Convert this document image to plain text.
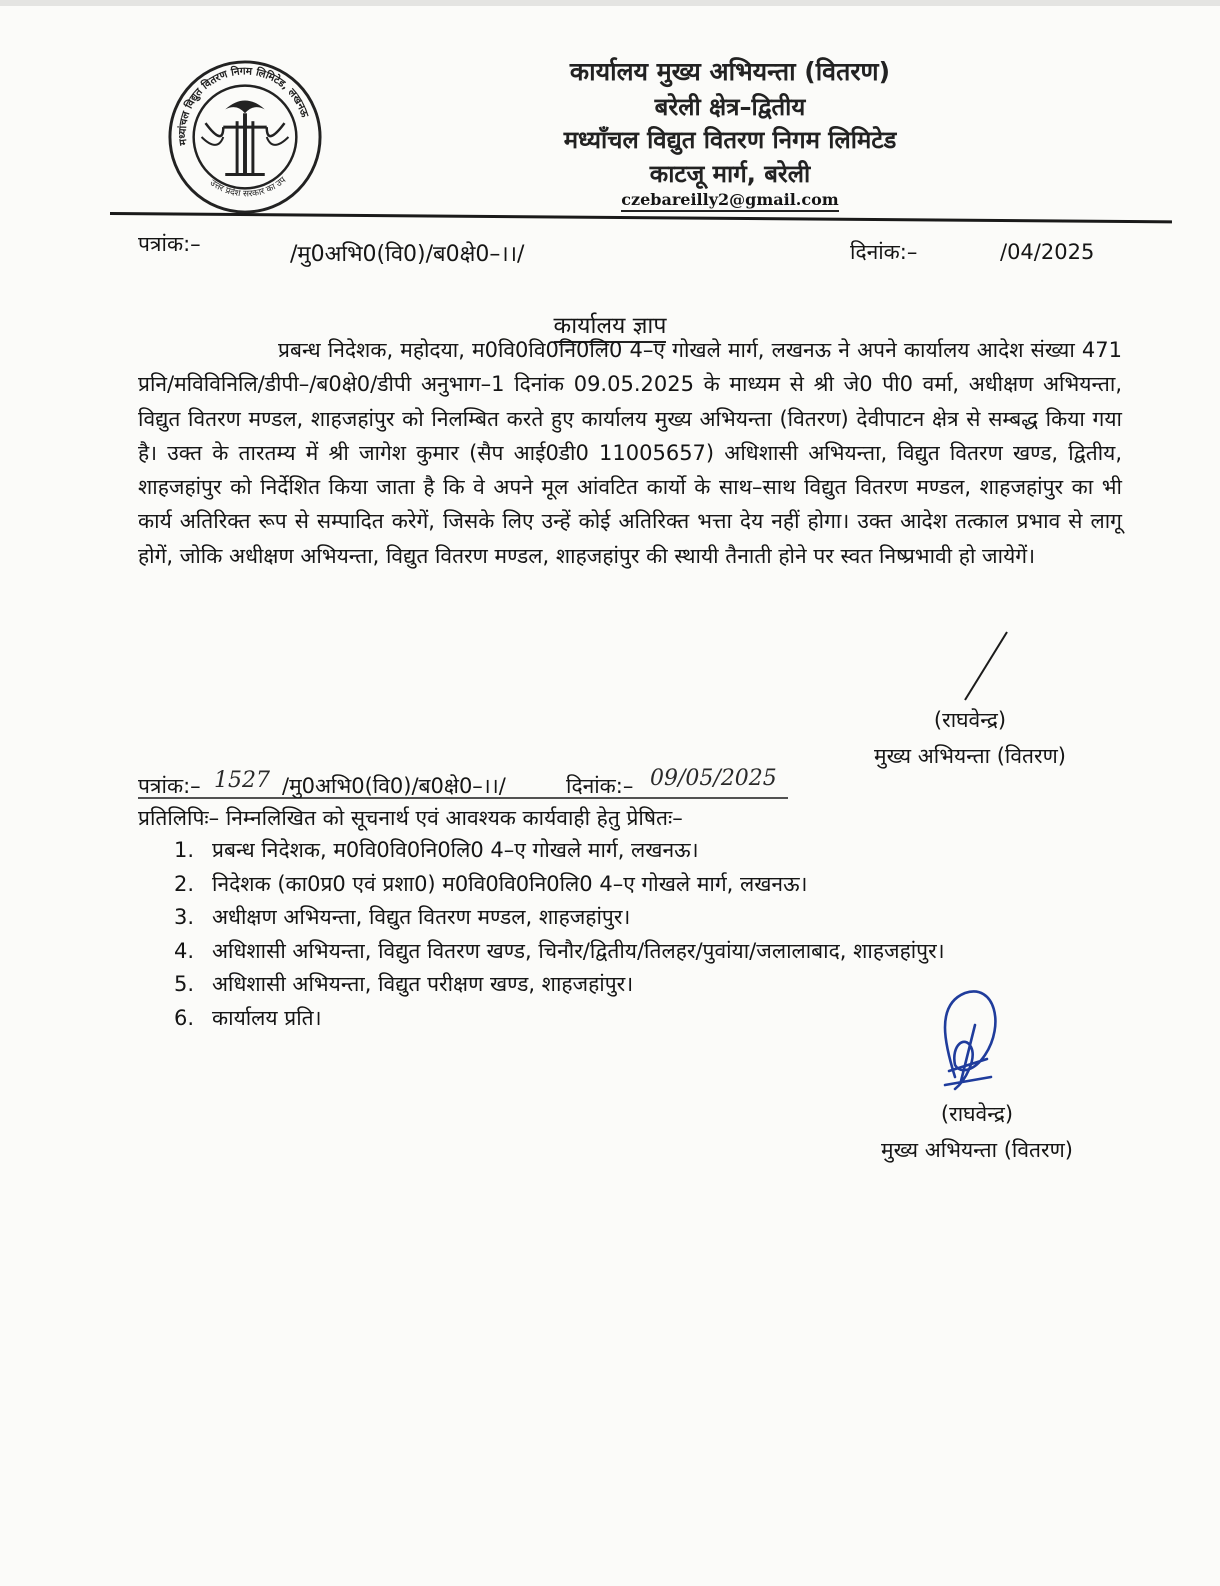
मध्यांचल विद्युत वितरण निगम लिमिटेड, लखनऊ
उत्तर प्रदेश सरकार का उपक्रम
कार्यालय मुख्य अभियन्ता (वितरण)
बरेली क्षेत्र–द्वितीय
मध्याँचल विद्युत वितरण निगम लिमिटेड
काटजू मार्ग, बरेली
czebareilly2@gmail.com
पत्रांक:–	/मु0अभि0(वि0)/ब0क्षे0–।।/	दिनांक:–	/04/2025
कार्यालय ज्ञाप

प्रबन्ध निदेशक, महोदया, म0वि0वि0नि0लि0 4–ए गोखले मार्ग, लखनऊ ने अपने कार्यालय आदेश संख्या 471 प्रनि/मविविनिलि/डीपी–/ब0क्षे0/डीपी अनुभाग–1 दिनांक 09.05.2025 के माध्यम से श्री जे0 पी0 वर्मा, अधीक्षण अभियन्ता, विद्युत वितरण मण्डल, शाहजहांपुर को निलम्बित करते हुए कार्यालय मुख्य अभियन्ता (वितरण) देवीपाटन क्षेत्र से सम्बद्ध किया गया है। उक्त के तारतम्य में श्री जागेश कुमार (सैप आई0डी0 11005657) अधिशासी अभियन्ता, विद्युत वितरण खण्ड, द्वितीय, शाहजहांपुर को निर्देशित किया जाता है कि वे अपने मूल आंवटित कार्यो के साथ–साथ विद्युत वितरण मण्डल, शाहजहांपुर का भी कार्य अतिरिक्त रूप से सम्पादित करेगें, जिसके लिए उन्हें कोई अतिरिक्त भत्ता देय नहीं होगा। उक्त आदेश तत्काल प्रभाव से लागू होगें, जोकि अधीक्षण अभियन्ता, विद्युत वितरण मण्डल, शाहजहांपुर की स्थायी तैनाती होने पर स्वत निष्प्रभावी हो जायेगें।

(राघवेन्द्र)
मुख्य अभियन्ता (वितरण)
पत्रांक:– 1527 /मु0अभि0(वि0)/ब0क्षे0–।।/	दिनांक:– 09/05/2025
प्रतिलिपिः– निम्नलिखित को सूचनार्थ एवं आवश्यक कार्यवाही हेतु प्रेषितः–
1. प्रबन्ध निदेशक, म0वि0वि0नि0लि0 4–ए गोखले मार्ग, लखनऊ।
2. निदेशक (का0प्र0 एवं प्रशा0) म0वि0वि0नि0लि0 4–ए गोखले मार्ग, लखनऊ।
3. अधीक्षण अभियन्ता, विद्युत वितरण मण्डल, शाहजहांपुर।
4. अधिशासी अभियन्ता, विद्युत वितरण खण्ड, चिनौर/द्वितीय/तिलहर/पुवांया/जलालाबाद, शाहजहांपुर।
5. अधिशासी अभियन्ता, विद्युत परीक्षण खण्ड, शाहजहांपुर।
6. कार्यालय प्रति।
(राघवेन्द्र)
मुख्य अभियन्ता (वितरण)
